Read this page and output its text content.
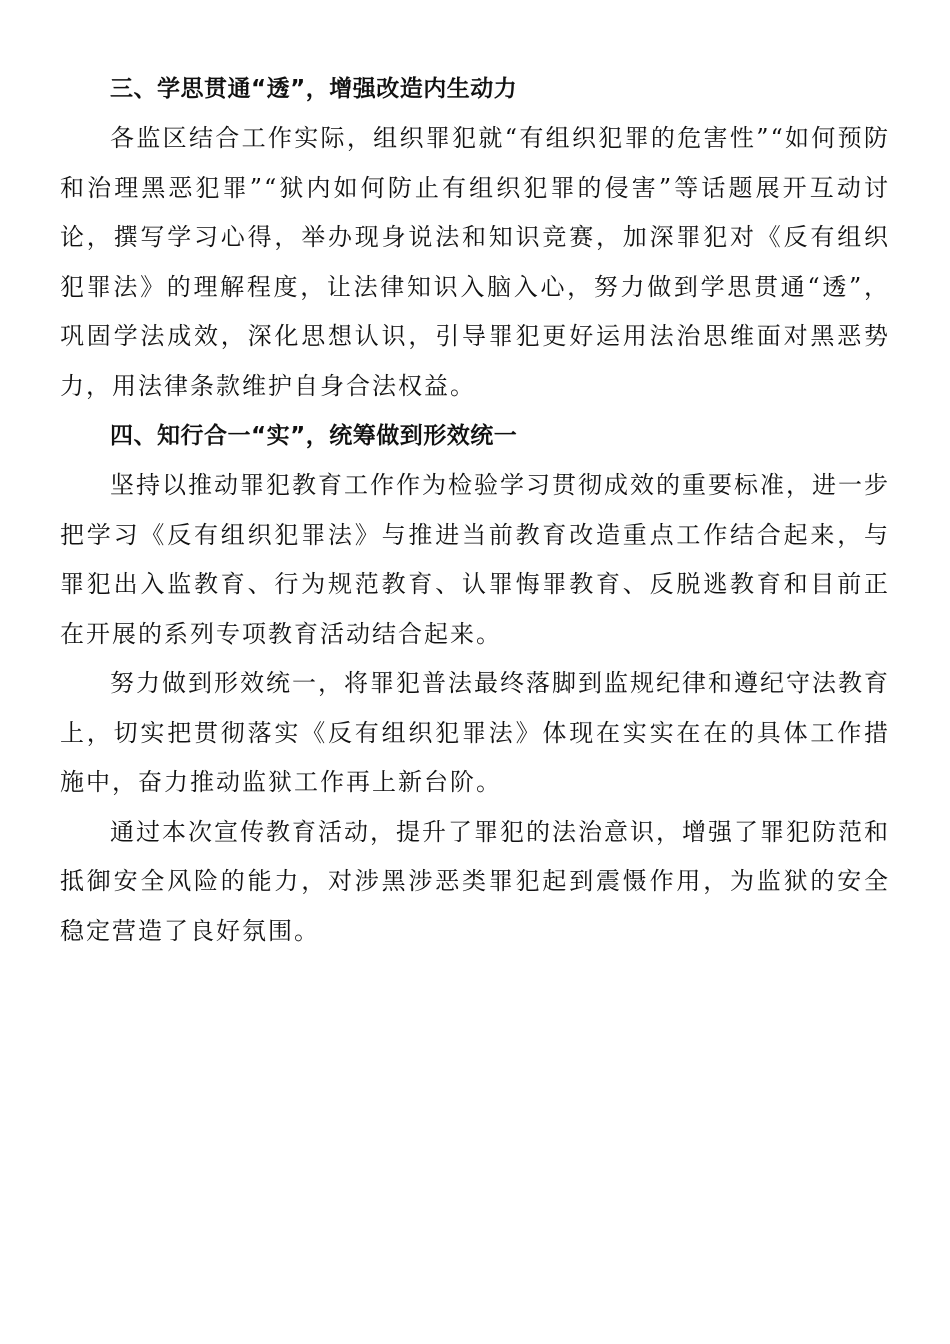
三、学思贯通“透”，增强改造内生动力

各监区结合工作实际，组织罪犯就“有组织犯罪的危害性”“如何预防和治理黑恶犯罪”“狱内如何防止有组织犯罪的侵害”等话题展开互动讨论，撰写学习心得，举办现身说法和知识竞赛，加深罪犯对《反有组织犯罪法》的理解程度，让法律知识入脑入心，努力做到学思贯通“透”，巩固学法成效，深化思想认识，引导罪犯更好运用法治思维面对黑恶势力，用法律条款维护自身合法权益。

四、知行合一“实”，统筹做到形效统一

坚持以推动罪犯教育工作作为检验学习贯彻成效的重要标准，进一步把学习《反有组织犯罪法》与推进当前教育改造重点工作结合起来，与罪犯出入监教育、行为规范教育、认罪悔罪教育、反脱逃教育和目前正在开展的系列专项教育活动结合起来。

努力做到形效统一，将罪犯普法最终落脚到监规纪律和遵纪守法教育上，切实把贯彻落实《反有组织犯罪法》体现在实实在在的具体工作措施中，奋力推动监狱工作再上新台阶。

通过本次宣传教育活动，提升了罪犯的法治意识，增强了罪犯防范和抵御安全风险的能力，对涉黑涉恶类罪犯起到震慑作用，为监狱的安全稳定营造了良好氛围。
